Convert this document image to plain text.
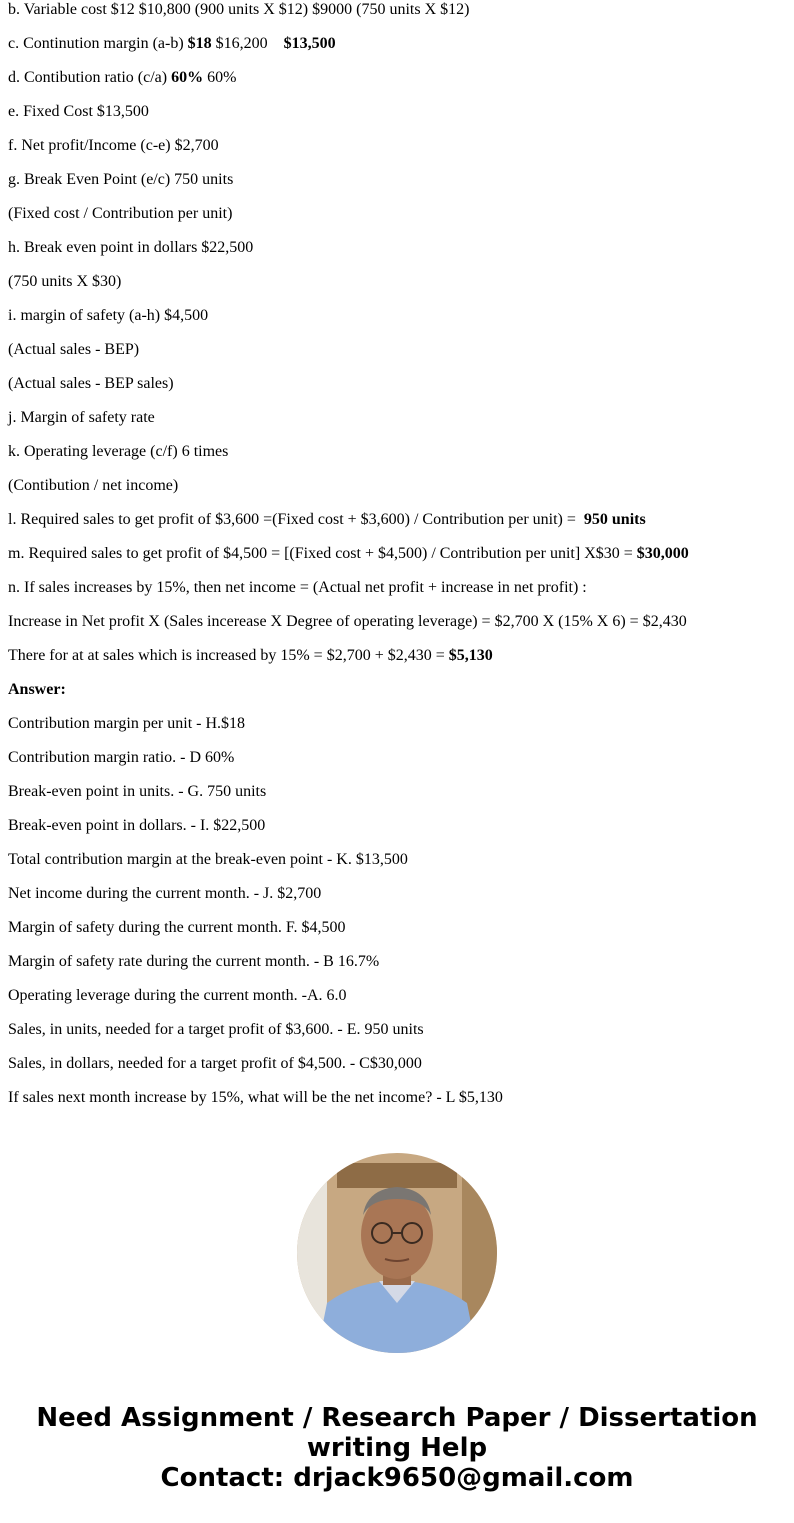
b. Variable cost $12 $10,800 (900 units X $12) $9000 (750 units X $12)
c. Continution margin (a-b) $18 $16,200    $13,500
d. Contibution ratio (c/a) 60% 60%
e. Fixed Cost $13,500
f. Net profit/Income (c-e) $2,700
g. Break Even Point (e/c) 750 units
(Fixed cost / Contribution per unit)
h. Break even point in dollars $22,500
(750 units X $30)
i. margin of safety (a-h) $4,500
(Actual sales - BEP)
(Actual sales - BEP sales)
j. Margin of safety rate
k. Operating leverage (c/f) 6 times
(Contibution / net income)
l. Required sales to get profit of $3,600 =(Fixed cost + $3,600) / Contribution per unit) =  950 units
m. Required sales to get profit of $4,500 = [(Fixed cost + $4,500) / Contribution per unit] X$30 = $30,000
n. If sales increases by 15%, then net income = (Actual net profit + increase in net profit) :
Increase in Net profit X (Sales incerease X Degree of operating leverage) = $2,700 X (15% X 6) = $2,430
There for at at sales which is increased by 15% = $2,700 + $2,430 = $5,130
Answer:
Contribution margin per unit - H.$18
Contribution margin ratio. - D 60%
Break-even point in units. - G. 750 units
Break-even point in dollars. - I. $22,500
Total contribution margin at the break-even point - K. $13,500
Net income during the current month. - J. $2,700
Margin of safety during the current month. F. $4,500
Margin of safety rate during the current month. - B 16.7%
Operating leverage during the current month. -A. 6.0
Sales, in units, needed for a target profit of $3,600. - E. 950 units
Sales, in dollars, needed for a target profit of $4,500. - C$30,000
If sales next month increase by 15%, what will be the net income? - L $5,130
Need Assignment / Research Paper / Dissertation
writing Help
Contact: drjack9650@gmail.com
